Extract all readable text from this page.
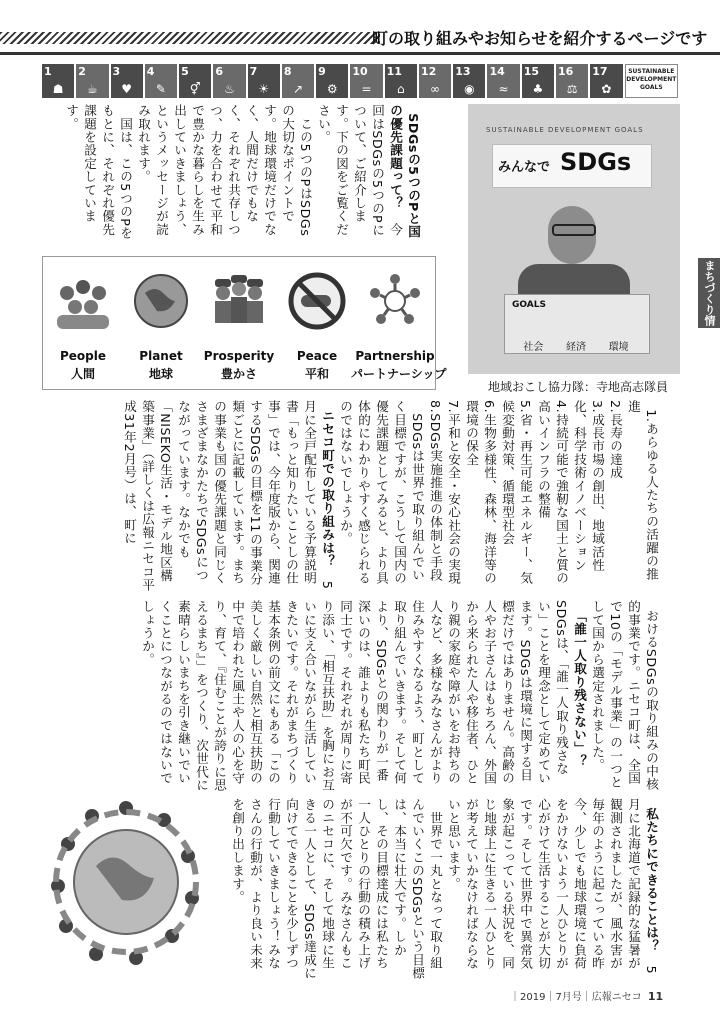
町の取り組みやお知らせを紹介するページです
1
☗
2
☕
3
♥
4
✎
5
⚥
6
♨
7
☀
8
↗
9
⚙
10
=
11
⌂
12
∞
13
◉
14
≈
15
♣
16
⚖
17
✿
SUSTAINABLE DEVELOPMENT GOALS
まちづくり情報室

SDGsの5つのPと国の優先課題って？　今回はSDGsの5つのPについて、ご紹介します。下の図をご覧ください。
　この5つのPはSDGsの大切なポイントです。地球環境だけでなく、人間だけでもなく、それぞれ共存しつつ、力を合わせて平和で豊かな暮らしを生み出していきましょう、というメッセージが読み取れます。
　国は、この5つのPをもとに、それぞれ優先課題を設定しています。	SUSTAINABLE DEVELOPMENT GOALS
みんなで SDGs
GOALS
社会 経済 環境
地域おこし協力隊：寺地高志隊員
People
人間
Planet
地球
Prosperity
豊かさ
Peace
平和
Partnership
パートナーシップ

1.あらゆる人たちの活躍の推進
2.長寿の達成
3.成長市場の創出、地域活性化、科学技術イノベーション
4.持続可能で強靭な国土と質の高いインフラの整備
5.省・再生可能エネルギー、気候変動対策、循環型社会
6.生物多様性、森林、海洋等の環境の保全
7.平和と安全・安心社会の実現
8.SDGs実施推進の体制と手段
　SDGsは世界で取り組んでいく目標ですが、こうして国内の優先課題としてみると、より具体的にわかりやすく感じられるのではないでしょうか。
ニセコ町での取り組みは？　5月に全戸配布している予算説明書「もっと知りたいことしの仕事」では、今年度版から、関連するSDGsの目標を11の事業分類ごとに記載しています。まちの事業も国の優先課題と同じくさまざまなかたちでSDGsにつながっています。なかでも「NISEKO生活・モデル地区構築事業」（詳しくは広報ニセコ平成31年2月号）は、町に

おけるSDGsの取り組みの中核的事業です。ニセコ町は、全国で10の「モデル事業」の一つとして国から選定されました。
「誰一人取り残さない」？　SDGsは、「誰一人取り残さない」ことを理念として定めています。SDGsは環境に関する目標だけではありません。高齢の人やお子さんはもちろん、外国から来られた人や移住者、ひとり親の家庭や障がいをお持ちの人など、多様なみなさんがより住みやすくなるよう、町として取り組んでいきます。そして何より、SDGsとの関わりが一番深いのは、誰よりも私たち町民同士です。それぞれが周りに寄り添い、「相互扶助」を胸にお互いに支え合いながら生活していきたいです。それがまちづくり基本条例の前文にもある「この美しく厳しい自然と相互扶助の中で培われた風土や人の心を守り、育て、『住むことが誇りに思えるまち』」をつくり、次世代に素晴らしいまちを引き継いでいくことにつながるのではないでしょうか。

私たちにできることは？　5月に北海道で記録的な猛暑が観測されましたが、風水害が毎年のように起こっている昨今、少しでも地球環境に負荷をかけないよう一人ひとりが心がけて生活することが大切です。そして世界中で異常気象が起こっている状況を、同じ地球上に生きる一人ひとりが考えていかなければならないと思います。
　世界で一丸となって取り組んでいくこのSDGsという目標は、本当に壮大です。しかし、その目標達成には私たち一人ひとりの行動の積み上げが不可欠です。みなさんもこのニセコに、そして地球に生きる一人として、SDGs達成に向けてできることを少しずつ行動していきましょう！みなさんの行動が、より良い未来を創り出します。

｜2019｜7月号｜広報ニセコ 11
